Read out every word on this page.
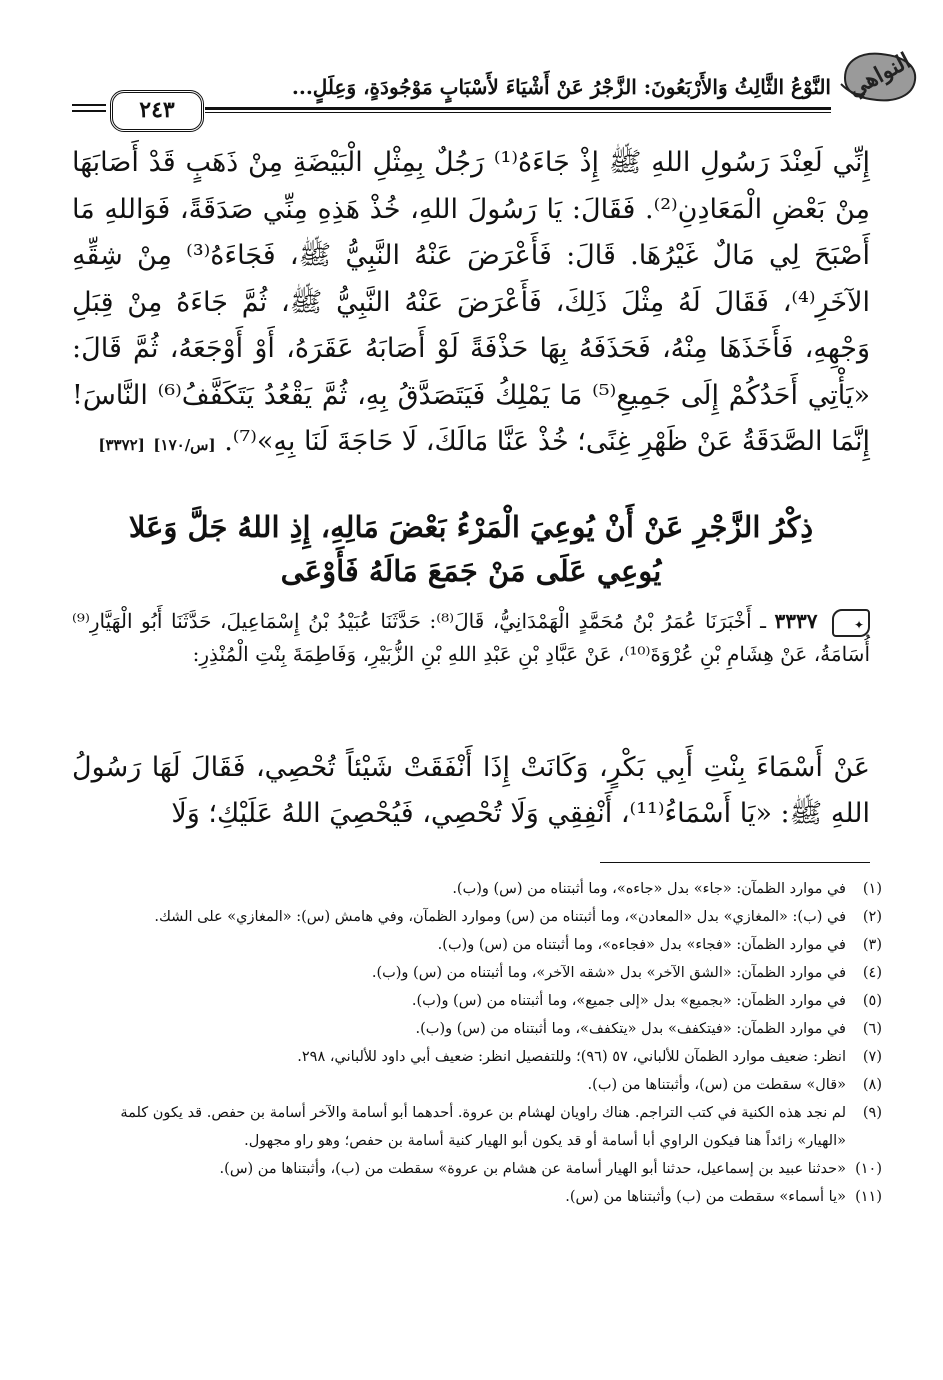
النواهي
النَّوْعُ الثَّالِثُ وَالأَرْبَعُونَ: الزَّجْرُ عَنْ أَشْيَاءَ لأَسْبَابٍ مَوْجُودَةٍ، وَعِلَلٍ...
٢٤٣
إِنِّي لَعِنْدَ رَسُولِ اللهِ ﷺ إِذْ جَاءَهُ⁽¹⁾ رَجُلٌ بِمِثْلِ الْبَيْضَةِ مِنْ ذَهَبٍ قَدْ أَصَابَهَا مِنْ بَعْضِ الْمَعَادِنِ⁽²⁾. فَقَالَ: يَا رَسُولَ اللهِ، خُذْ هَذِهِ مِنِّي صَدَقَةً، فَوَاللهِ مَا أَصْبَحَ لِي مَالٌ غَيْرُهَا. قَالَ: فَأَعْرَضَ عَنْهُ النَّبِيُّ ﷺ، فَجَاءَهُ⁽³⁾ مِنْ شِقِّهِ الآخَرِ⁽⁴⁾، فَقَالَ لَهُ مِثْلَ ذَلِكَ، فَأَعْرَضَ عَنْهُ النَّبِيُّ ﷺ، ثُمَّ جَاءَهُ مِنْ قِبَلِ وَجْهِهِ، فَأَخَذَهَا مِنْهُ، فَحَذَفَهُ بِهَا حَذْفَةً لَوْ أَصَابَهُ عَقَرَهُ، أَوْ أَوْجَعَهُ، ثُمَّ قَالَ: «يَأْتِي أَحَدُكُمْ إِلَى جَمِيعِ⁽⁵⁾ مَا يَمْلِكُ فَيَتَصَدَّقُ بِهِ، ثُمَّ يَقْعُدُ يَتَكَفَّفُ⁽⁶⁾ النَّاسَ! إِنَّمَا الصَّدَقَةُ عَنْ ظَهْرِ غِنًى؛ خُذْ عَنَّا مَالَكَ، لَا حَاجَةَ لَنَا بِهِ»⁽⁷⁾. [س/١٧٠] [٣٣٧٢]
ذِكْرُ الزَّجْرِ عَنْ أَنْ يُوعِيَ الْمَرْءُ بَعْضَ مَالِهِ، إِذِ اللهُ جَلَّ وَعَلا
يُوعِي عَلَى مَنْ جَمَعَ مَالَهُ فَأَوْعَى
✦
٣٣٣٧ ـ أَخْبَرَنَا عُمَرُ بْنُ مُحَمَّدٍ الْهَمْدَانِيُّ، قَالَ⁽⁸⁾: حَدَّثَنَا عُبَيْدُ بْنُ إِسْمَاعِيلَ، حَدَّثَنَا أَبُو الْهَيَّارِ⁽⁹⁾ أُسَامَةُ، عَنْ هِشَامِ بْنِ عُرْوَةَ⁽¹⁰⁾، عَنْ عَبَّادِ بْنِ عَبْدِ اللهِ بْنِ الزُّبَيْرِ، وَفَاطِمَةَ بِنْتِ الْمُنْذِرِ:
عَنْ أَسْمَاءَ بِنْتِ أَبِي بَكْرٍ، وَكَانَتْ إِذَا أَنْفَقَتْ شَيْئاً تُحْصِي، فَقَالَ لَهَا رَسُولُ اللهِ ﷺ: «يَا أَسْمَاءُ⁽¹¹⁾، أَنْفِقِي وَلَا تُحْصِي، فَيُحْصِيَ اللهُ عَلَيْكِ؛ وَلَا
(١)
في موارد الظمآن: «جاء» بدل «جاءه»، وما أثبتناه من (س) و(ب).
(٢)
في (ب): «المغازي» بدل «المعادن»، وما أثبتناه من (س) وموارد الظمآن، وفي هامش (س): «المغازي» على الشك.
(٣)
في موارد الظمآن: «فجاء» بدل «فجاءه»، وما أثبتناه من (س) و(ب).
(٤)
في موارد الظمآن: «الشق الآخر» بدل «شقه الآخر»، وما أثبتناه من (س) و(ب).
(٥)
في موارد الظمآن: «بجميع» بدل «إلى جميع»، وما أثبتناه من (س) و(ب).
(٦)
في موارد الظمآن: «فيتكفف» بدل «يتكفف»، وما أثبتناه من (س) و(ب).
(٧)
انظر: ضعيف موارد الظمآن للألباني، ٥٧ (٩٦)؛ وللتفصيل انظر: ضعيف أبي داود للألباني، ٢٩٨.
(٨)
«قال» سقطت من (س)، وأثبتناها من (ب).
(٩)
لم نجد هذه الكنية في كتب التراجم. هناك راويان لهشام بن عروة. أحدهما أبو أسامة والآخر أسامة بن حفص. قد يكون كلمة «الهيار» زائداً هنا فيكون الراوي أبا أسامة أو قد يكون أبو الهيار كنية أسامة بن حفص؛ وهو راو مجهول.
(١٠)
«حدثنا عبيد بن إسماعيل، حدثنا أبو الهيار أسامة عن هشام بن عروة» سقطت من (ب)، وأثبتناها من (س).
(١١)
«يا أسماء» سقطت من (ب) وأثبتناها من (س).
